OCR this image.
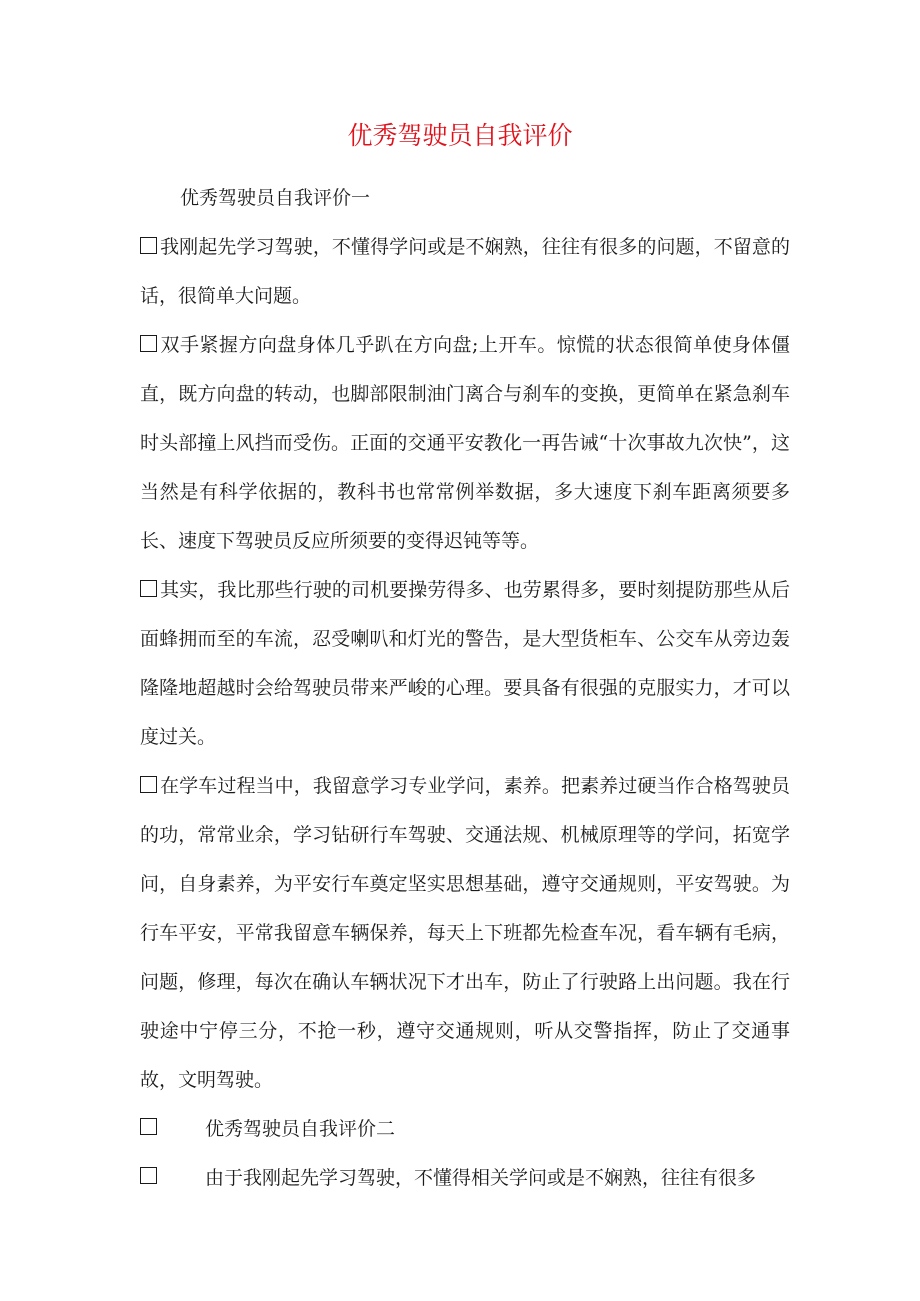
优秀驾驶员自我评价

优秀驾驶员自我评价一

我刚起先学习驾驶，不懂得学问或是不娴熟，往往有很多的问题，不留意的话，很简单大问题。

双手紧握方向盘身体几乎趴在方向盘;上开车。惊慌的状态很简单使身体僵直，既方向盘的转动，也脚部限制油门离合与刹车的变换，更简单在紧急刹车时头部撞上风挡而受伤。正面的交通平安教化一再告诫“十次事故九次快”，这当然是有科学依据的，教科书也常常例举数据，多大速度下刹车距离须要多长、速度下驾驶员反应所须要的变得迟钝等等。

其实，我比那些行驶的司机要操劳得多、也劳累得多，要时刻提防那些从后面蜂拥而至的车流，忍受喇叭和灯光的警告，是大型货柜车、公交车从旁边轰隆隆地超越时会给驾驶员带来严峻的心理。要具备有很强的克服实力，才可以度过关。

在学车过程当中，我留意学习专业学问，素养。把素养过硬当作合格驾驶员的功，常常业余，学习钻研行车驾驶、交通法规、机械原理等的学问，拓宽学问，自身素养，为平安行车奠定坚实思想基础，遵守交通规则，平安驾驶。为行车平安，平常我留意车辆保养，每天上下班都先检查车况，看车辆有毛病，问题，修理，每次在确认车辆状况下才出车，防止了行驶路上出问题。我在行驶途中宁停三分，不抢一秒，遵守交通规则，听从交警指挥，防止了交通事故，文明驾驶。

优秀驾驶员自我评价二

由于我刚起先学习驾驶，不懂得相关学问或是不娴熟，往往有很多
